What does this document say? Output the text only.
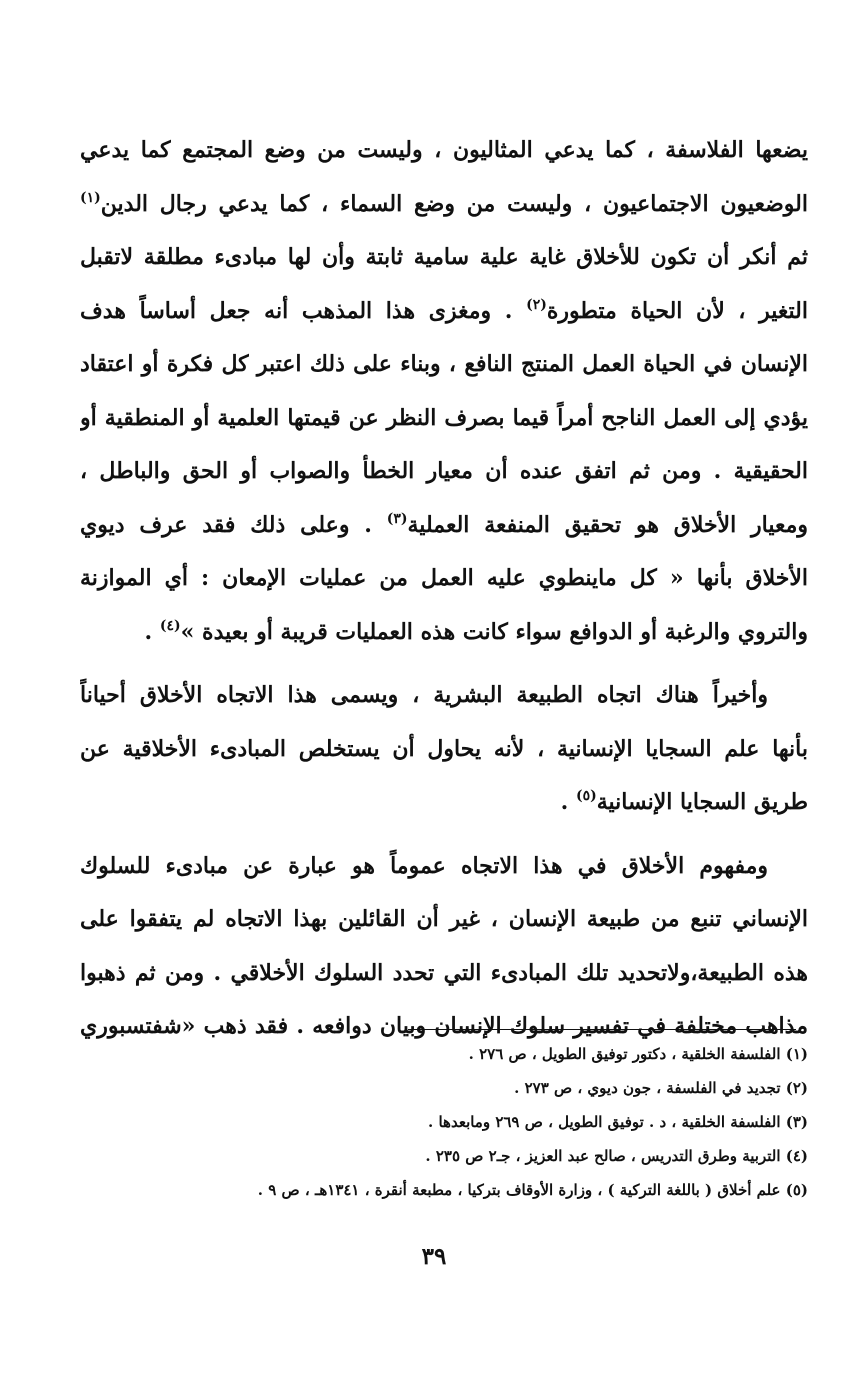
يضعها الفلاسفة ، كما يدعي المثاليون ، وليست من وضع المجتمع كما يدعي
الوضعيون الاجتماعيون ، وليست من وضع السماء ، كما يدعي رجال الدين$^{(١)}$
ثم أنكر أن تكون للأخلاق غاية علية سامية ثابتة وأن لها مبادىء مطلقة لاتقبل
التغير ، لأن الحياة متطورة$^{(٢)}$ . ومغزى هذا المذهب أنه جعل أساساً هدف
الإنسان في الحياة العمل المنتج النافع ، وبناء على ذلك اعتبر كل فكرة أو اعتقاد
يؤدي إلى العمل الناجح أمراً قيما بصرف النظر عن قيمتها العلمية أو المنطقية أو
الحقيقية . ومن ثم اتفق عنده أن معيار الخطأ والصواب أو الحق والباطل ،
ومعيار الأخلاق هو تحقيق المنفعة العملية$^{(٣)}$ . وعلى ذلك فقد عرف ديوي
الأخلاق بأنها « كل ماينطوي عليه العمل من عمليات الإمعان : أي الموازنة
والتروي والرغبة أو الدوافع سواء كانت هذه العمليات قريبة أو بعيدة »$^{(٤)}$ .
وأخيراً هناك اتجاه الطبيعة البشرية ، ويسمى هذا الاتجاه الأخلاق أحياناً
بأنها علم السجايا الإنسانية ، لأنه يحاول أن يستخلص المبادىء الأخلاقية عن
طريق السجايا الإنسانية$^{(٥)}$ .
ومفهوم الأخلاق في هذا الاتجاه عموماً هو عبارة عن مبادىء للسلوك
الإنساني تنبع من طبيعة الإنسان ، غير أن القائلين بهذا الاتجاه لم يتفقوا على
هذه الطبيعة،ولاتحديد تلك المبادىء التي تحدد السلوك الأخلاقي . ومن ثم ذهبوا
مذاهب مختلفة في تفسير سلوك الإنسان وبيان دوافعه . فقد ذهب «شفتسبوري
(١) الفلسفة الخلقية ، دكتور توفيق الطويل ، ص ٢٧٦ .
(٢) تجديد في الفلسفة ، جون ديوي ، ص ٢٧٣ .
(٣) الفلسفة الخلقية ، د . توفيق الطويل ، ص ٢٦٩ ومابعدها .
(٤) التربية وطرق التدريس ، صالح عبد العزيز ، جـ٢ ص ٢٣٥ .
(٥) علم أخلاق ( باللغة التركية ) ، وزارة الأوقاف بتركيا ، مطبعة أنقرة ، ١٣٤١هـ ، ص ٩ .
٣٩
